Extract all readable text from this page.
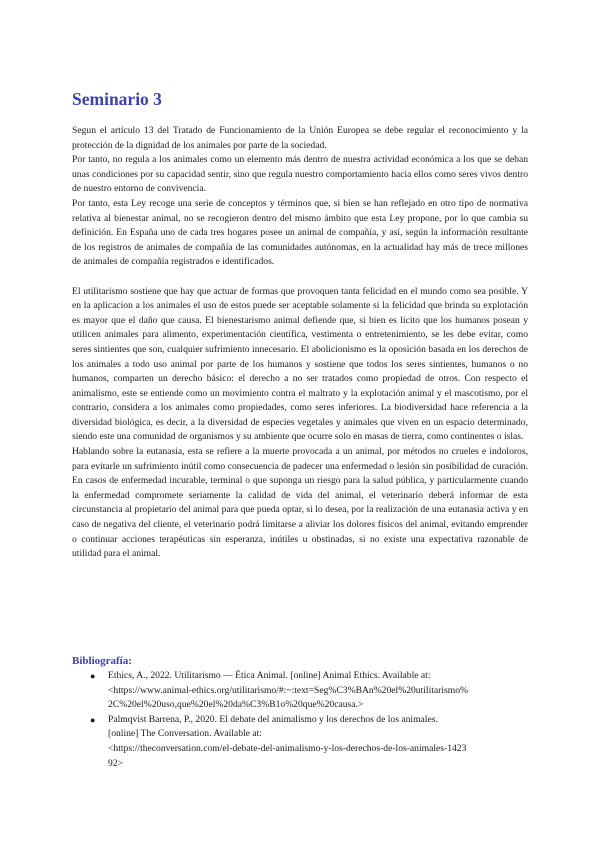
Seminario 3

Segun el artículo 13 del Tratado de Funcionamiento de la Unión Europea se debe regular el reconocimiento y la protección de la dignidad de los animales por parte de la sociedad.

Por tanto, no regula a los animales como un elemento más dentro de nuestra actividad económica a los que se deban unas condiciones por su capacidad sentir, sino que regula nuestro comportamiento hacia ellos como seres vivos dentro de nuestro entorno de convivencia.

Por tanto, esta Ley recoge una serie de conceptos y términos que, si bien se han reflejado en otro tipo de normativa relativa al bienestar animal, no se recogieron dentro del mismo ámbito que esta Ley propone, por lo que cambia su definición. En España uno de cada tres hogares posee un animal de compañía, y así, según la información resultante de los registros de animales de compañía de las comunidades autónomas, en la actualidad hay más de trece millones de animales de compañía registrados e identificados.

El utilitarismo sostiene que hay que actuar de formas que provoquen tanta felicidad en el mundo como sea posible. Y en la aplicacion a los animales el uso de estos puede ser aceptable solamente si la felicidad que brinda su explotación es mayor que el daño que causa. El bienestarismo animal defiende que, si bien es lícito que los humanos posean y utilicen animales para alimento, experimentación científica, vestimenta o entretenimiento, se les debe evitar, como seres sintientes que son, cualquier sufrimiento innecesario. El abolicionismo es la oposición basada en los derechos de los animales a todo uso animal por parte de los humanos y sostiene que todos los seres sintientes, humanos o no humanos, comparten un derecho básico: el derecho a no ser tratados como propiedad de otros. Con respecto el animalismo, este se entiende como un movimiento contra el maltrato y la explotación animal y el mascotismo, por el contrario, considera a los animales como propiedades, como seres inferiores. La biodiversidad hace referencia a la diversidad biológica, es decir, a la diversidad de especies vegetales y animales que viven en un espacio determinado, siendo este una comunidad de organismos y su ambiente que ocurre solo en masas de tierra, como continentes o islas.

Hablando sobre la eutanasia, esta se refiere a la muerte provocada a un animal, por métodos no crueles e indoloros, para evitarle un sufrimiento inútil como consecuencia de padecer una enfermedad o lesión sin posibilidad de curación. En casos de enfermedad incurable, terminal o que suponga un riesgo para la salud pública, y particularmente cuando la enfermedad compromete seriamente la calidad de vida del animal, el veterinario deberá informar de esta circunstancia al propietario del animal para que pueda optar, si lo desea, por la realización de una eutanasia activa y en caso de negativa del cliente, el veterinario podrá limitarse a aliviar los dolores físicos del animal, evitando emprender o continuar acciones terapéuticas sin esperanza, inútiles u obstinadas, si no existe una expectativa razonable de utilidad para el animal.

Bibliografía:
● Ethics, A., 2022. Utilitarismo — Ética Animal. [online] Animal Ethics. Available at:
<https://www.animal-ethics.org/utilitarismo/#:~:text=Seg%C3%BAn%20el%20utilitarismo%
2C%20el%20uso,que%20el%20da%C3%B1o%20que%20causa.>
● Palmqvist Barrena, P., 2020. El debate del animalismo y los derechos de los animales.
[online] The Conversation. Available at:
<https://theconversation.com/el-debate-del-animalismo-y-los-derechos-de-los-animales-1423
92>
